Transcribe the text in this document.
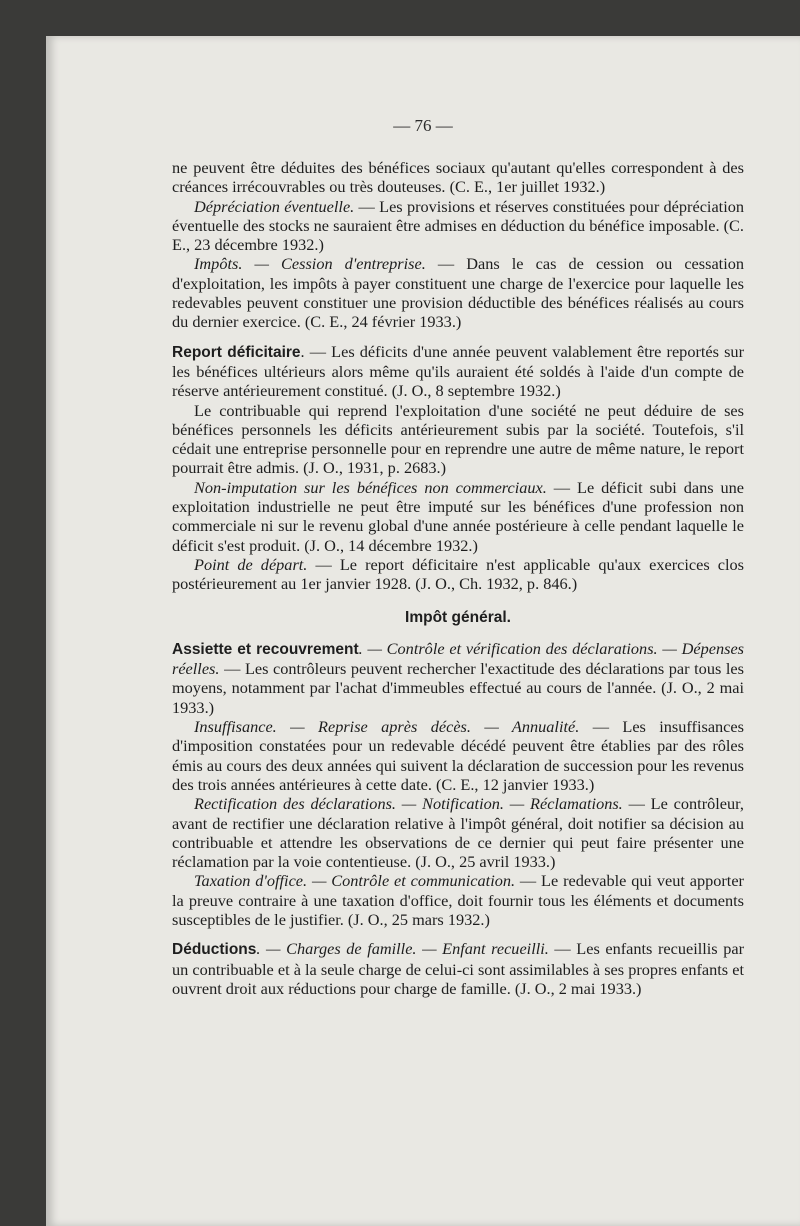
— 76 —

ne peuvent être déduites des bénéfices sociaux qu'autant qu'elles correspondent à des créances irrécouvrables ou très douteuses. (C. E., 1er juillet 1932.)

Dépréciation éventuelle. — Les provisions et réserves constituées pour dépréciation éventuelle des stocks ne sauraient être admises en déduction du bénéfice imposable. (C. E., 23 décembre 1932.)

Impôts. — Cession d'entreprise. — Dans le cas de cession ou cessation d'exploitation, les impôts à payer constituent une charge de l'exercice pour laquelle les redevables peuvent constituer une provision déductible des bénéfices réalisés au cours du dernier exercice. (C. E., 24 février 1933.)

Report déficitaire. — Les déficits d'une année peuvent valablement être reportés sur les bénéfices ultérieurs alors même qu'ils auraient été soldés à l'aide d'un compte de réserve antérieurement constitué. (J. O., 8 septembre 1932.)

Le contribuable qui reprend l'exploitation d'une société ne peut déduire de ses bénéfices personnels les déficits antérieurement subis par la société. Toutefois, s'il cédait une entreprise personnelle pour en reprendre une autre de même nature, le report pourrait être admis. (J. O., 1931, p. 2683.)

Non-imputation sur les bénéfices non commerciaux. — Le déficit subi dans une exploitation industrielle ne peut être imputé sur les bénéfices d'une profession non commerciale ni sur le revenu global d'une année postérieure à celle pendant laquelle le déficit s'est produit. (J. O., 14 décembre 1932.)

Point de départ. — Le report déficitaire n'est applicable qu'aux exercices clos postérieurement au 1er janvier 1928. (J. O., Ch. 1932, p. 846.)

Impôt général.

Assiette et recouvrement. — Contrôle et vérification des déclarations. — Dépenses réelles. — Les contrôleurs peuvent rechercher l'exactitude des déclarations par tous les moyens, notamment par l'achat d'immeubles effectué au cours de l'année. (J. O., 2 mai 1933.)

Insuffisance. — Reprise après décès. — Annualité. — Les insuffisances d'imposition constatées pour un redevable décédé peuvent être établies par des rôles émis au cours des deux années qui suivent la déclaration de succession pour les revenus des trois années antérieures à cette date. (C. E., 12 janvier 1933.)

Rectification des déclarations. — Notification. — Réclamations. — Le contrôleur, avant de rectifier une déclaration relative à l'impôt général, doit notifier sa décision au contribuable et attendre les observations de ce dernier qui peut faire présenter une réclamation par la voie contentieuse. (J. O., 25 avril 1933.)

Taxation d'office. — Contrôle et communication. — Le redevable qui veut apporter la preuve contraire à une taxation d'office, doit fournir tous les éléments et documents susceptibles de le justifier. (J. O., 25 mars 1932.)

Déductions. — Charges de famille. — Enfant recueilli. — Les enfants recueillis par un contribuable et à la seule charge de celui-ci sont assimilables à ses propres enfants et ouvrent droit aux réductions pour charge de famille. (J. O., 2 mai 1933.)
